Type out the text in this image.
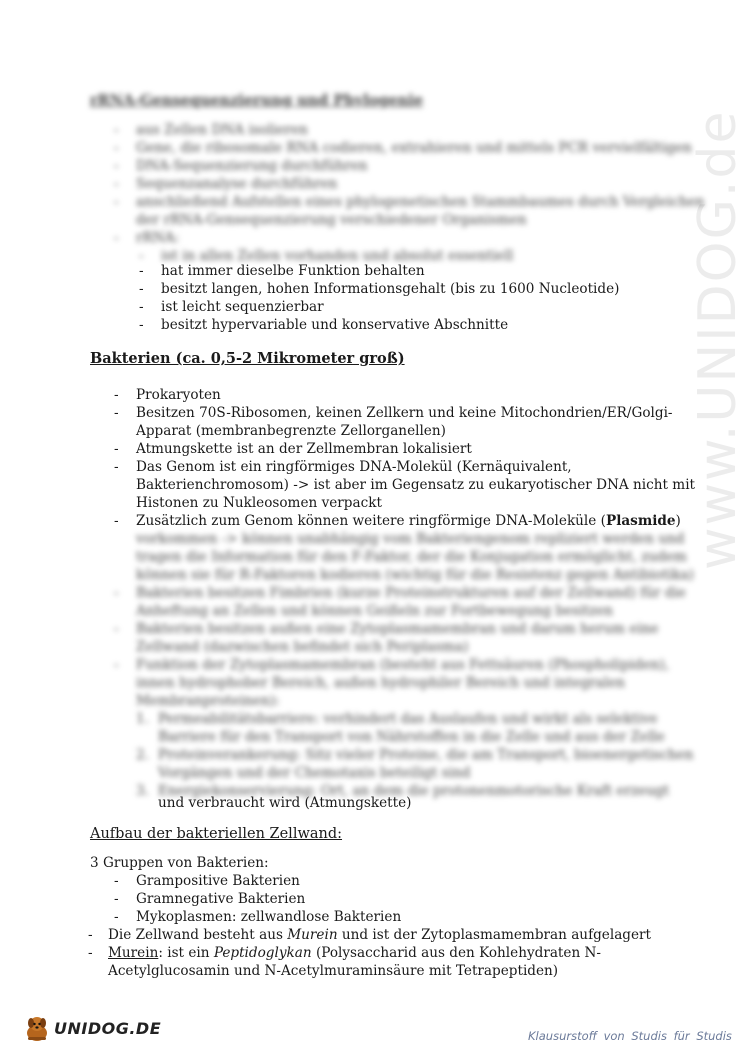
www.UNIDOG.de
rRNA-Gensequenzierung und Phylogenie
- aus Zellen DNA isolieren
- Gene, die ribosomale RNA codieren, extrahieren und mittels PCR vervielfältigen
- DNA-Sequenzierung durchführen
- Sequenzanalyse durchführen
- anschließend Aufstellen eines phylogenetischen Stammbaumes durch Vergleichen
der rRNA-Gensequenzierung verschiedener Organismen
- rRNA:
- ist in allen Zellen vorhanden und absolut essentiell
- hat immer dieselbe Funktion behalten
- besitzt langen, hohen Informationsgehalt (bis zu 1600 Nucleotide)
- ist leicht sequenzierbar
- besitzt hypervariable und konservative Abschnitte
Bakterien (ca. 0,5-2 Mikrometer groß)
- Prokaryoten
- Besitzen 70S-Ribosomen, keinen Zellkern und keine Mitochondrien/ER/Golgi-
Apparat (membranbegrenzte Zellorganellen)
- Atmungskette ist an der Zellmembran lokalisiert
- Das Genom ist ein ringförmiges DNA-Molekül (Kernäquivalent,
Bakterienchromosom) -> ist aber im Gegensatz zu eukaryotischer DNA nicht mit
Histonen zu Nukleosomen verpackt
- Zusätzlich zum Genom können weitere ringförmige DNA-Moleküle (Plasmide)
vorkommen -> können unabhängig vom Bakteriengenom repliziert werden und
tragen die Information für den F-Faktor, der die Konjugation ermöglicht, zudem
können sie für R-Faktoren kodieren (wichtig für die Resistenz gegen Antibiotika)
- Bakterien besitzen Fimbrien (kurze Proteinstrukturen auf der Zellwand) für die
Anheftung an Zellen und können Geißeln zur Fortbewegung besitzen
- Bakterien besitzen außen eine Zytoplasmamembran und darum herum eine
Zellwand (dazwischen befindet sich Periplasma)
- Funktion der Zytoplasmamembran (besteht aus Fettsäuren (Phospholipiden),
innen hydrophober Bereich, außen hydrophiler Bereich und integralen
Membranproteinen):
1. Permeabilitätsbarriere: verhindert das Auslaufen und wirkt als selektive
Barriere für den Transport von Nährstoffen in die Zelle und aus der Zelle
2. Proteinverankerung: Sitz vieler Proteine, die am Transport, bioenergetischen
Vorgängen und der Chemotaxis beteiligt sind
3. Energiekonservierung: Ort, an dem die protonenmotorische Kraft erzeugt
und verbraucht wird (Atmungskette)
Aufbau der bakteriellen Zellwand:
3 Gruppen von Bakterien:
- Grampositive Bakterien
- Gramnegative Bakterien
- Mykoplasmen: zellwandlose Bakterien
- Die Zellwand besteht aus Murein und ist der Zytoplasmamembran aufgelagert
- Murein: ist ein Peptidoglykan (Polysaccharid aus den Kohlehydraten N-
Acetylglucosamin und N-Acetylmuraminsäure mit Tetrapeptiden)
UNIDOG.DE	Klausurstoff von Studis für Studis
